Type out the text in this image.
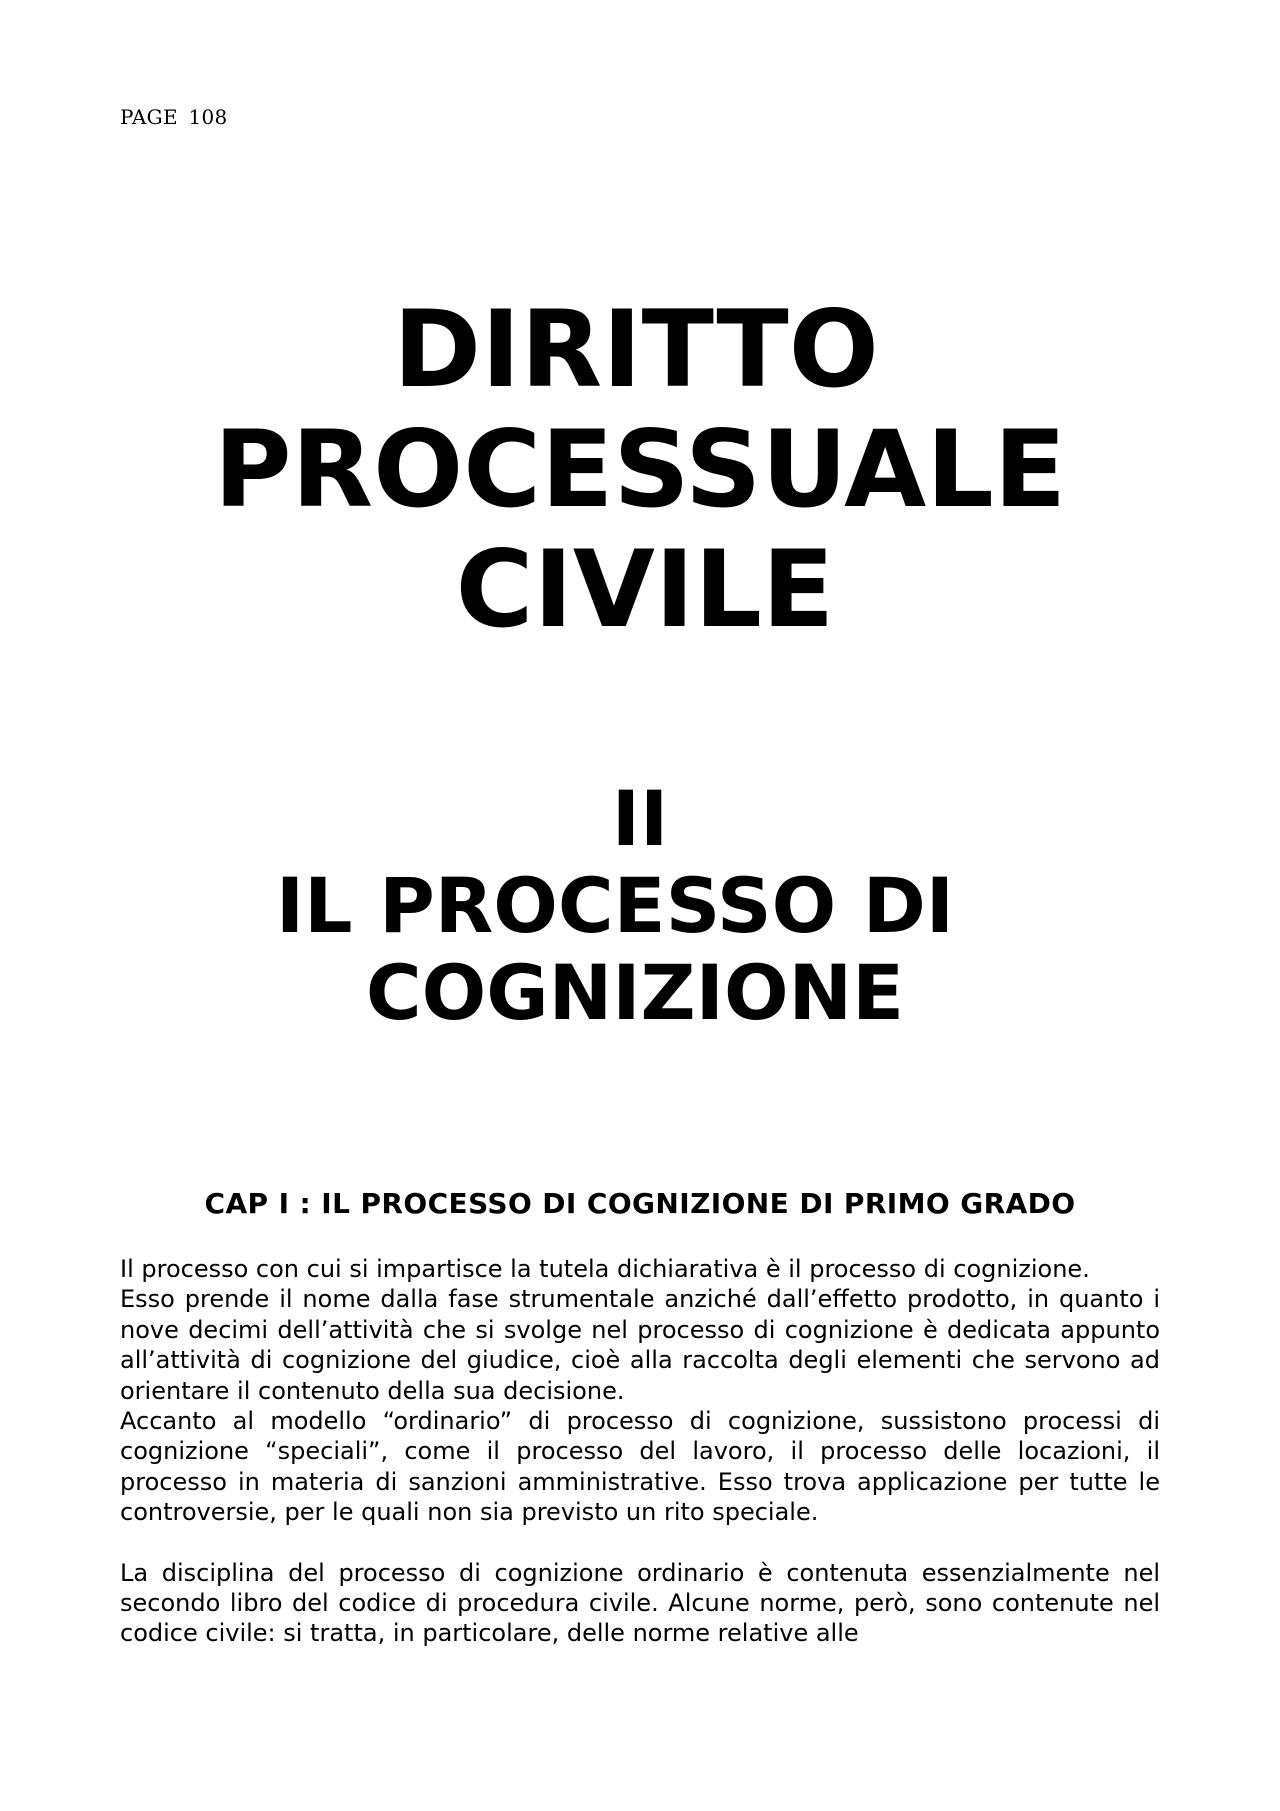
PAGE 108
DIRITTO
PROCESSUALE
CIVILE
II
IL PROCESSO DI
COGNIZIONE
CAP I : IL PROCESSO DI COGNIZIONE DI PRIMO GRADO

Il processo con cui si impartisce la tutela dichiarativa è il processo di cognizione.

Esso prende il nome dalla fase strumentale anziché dall’effetto prodotto, in quanto i nove decimi dell’attività che si svolge nel processo di cognizione è dedicata appunto all’attività di cognizione del giudice, cioè alla raccolta degli elementi che servono ad orientare il contenuto della sua decisione.

Accanto al modello “ordinario” di processo di cognizione, sussistono processi di cognizione “speciali”, come il processo del lavoro, il processo delle locazioni, il processo in materia di sanzioni amministrative. Esso trova applicazione per tutte le controversie, per le quali non sia previsto un rito speciale.

La disciplina del processo di cognizione ordinario è contenuta essenzialmente nel secondo libro del codice di procedura civile. Alcune norme, però, sono contenute nel codice civile: si tratta, in particolare, delle norme relative alle
